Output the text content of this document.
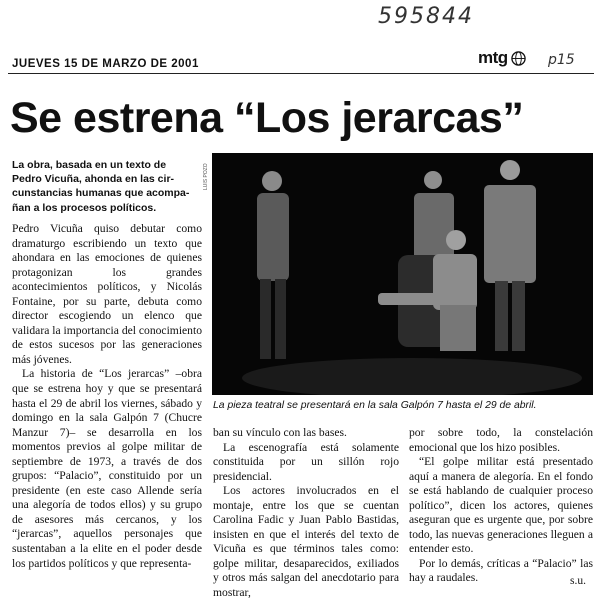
595844
p15
JUEVES 15 DE MARZO DE 2001	mtg
Se estrena “Los jerarcas”
La obra, basada en un texto de
Pedro Vicuña, ahonda en las cir-
cunstancias humanas que acompa-
ñan a los procesos políticos.
LUIS POZO
La pieza teatral se presentará en la sala Galpón 7 hasta el 29 de abril.

Pedro Vicuña quiso debutar como dramaturgo escribiendo un texto que ahondara en las emociones de quienes protagonizan los grandes acontecimientos políticos, y Nicolás Fontaine, por su parte, debuta como director escogiendo un elenco que validara la importancia del conocimiento de estos sucesos por las generaciones más jóvenes.

La historia de “Los jerarcas” –obra que se estrena hoy y que se presentará hasta el 29 de abril los viernes, sábado y domingo en la sala Galpón 7 (Chucre Manzur 7)– se desarrolla en los momentos previos al golpe militar de septiembre de 1973, a través de dos grupos: “Palacio”, constituido por un presidente (en este caso Allende sería una alegoría de todos ellos) y su grupo de asesores más cercanos, y los “jerarcas”, aquellos personajes que sustentaban a la elite en el poder desde los partidos políticos y que representa-

ban su vínculo con las bases.

La escenografía está solamente constituida por un sillón rojo presidencial.

Los actores involucrados en el montaje, entre los que se cuentan Carolina Fadic y Juan Pablo Bastidas, insisten en que el interés del texto de Vicuña es que términos tales como: golpe militar, desaparecidos, exiliados y otros más salgan del anecdotario para mostrar,

por sobre todo, la constelación emocional que los hizo posibles.

“El golpe militar está presentado aquí a manera de alegoría. En el fondo se está hablando de cualquier proceso político”, dicen los actores, quienes aseguran que es urgente que, por sobre todo, las nuevas generaciones lleguen a entender esto.

Por lo demás, críticas a “Palacio” las hay a raudales.	s.u.
